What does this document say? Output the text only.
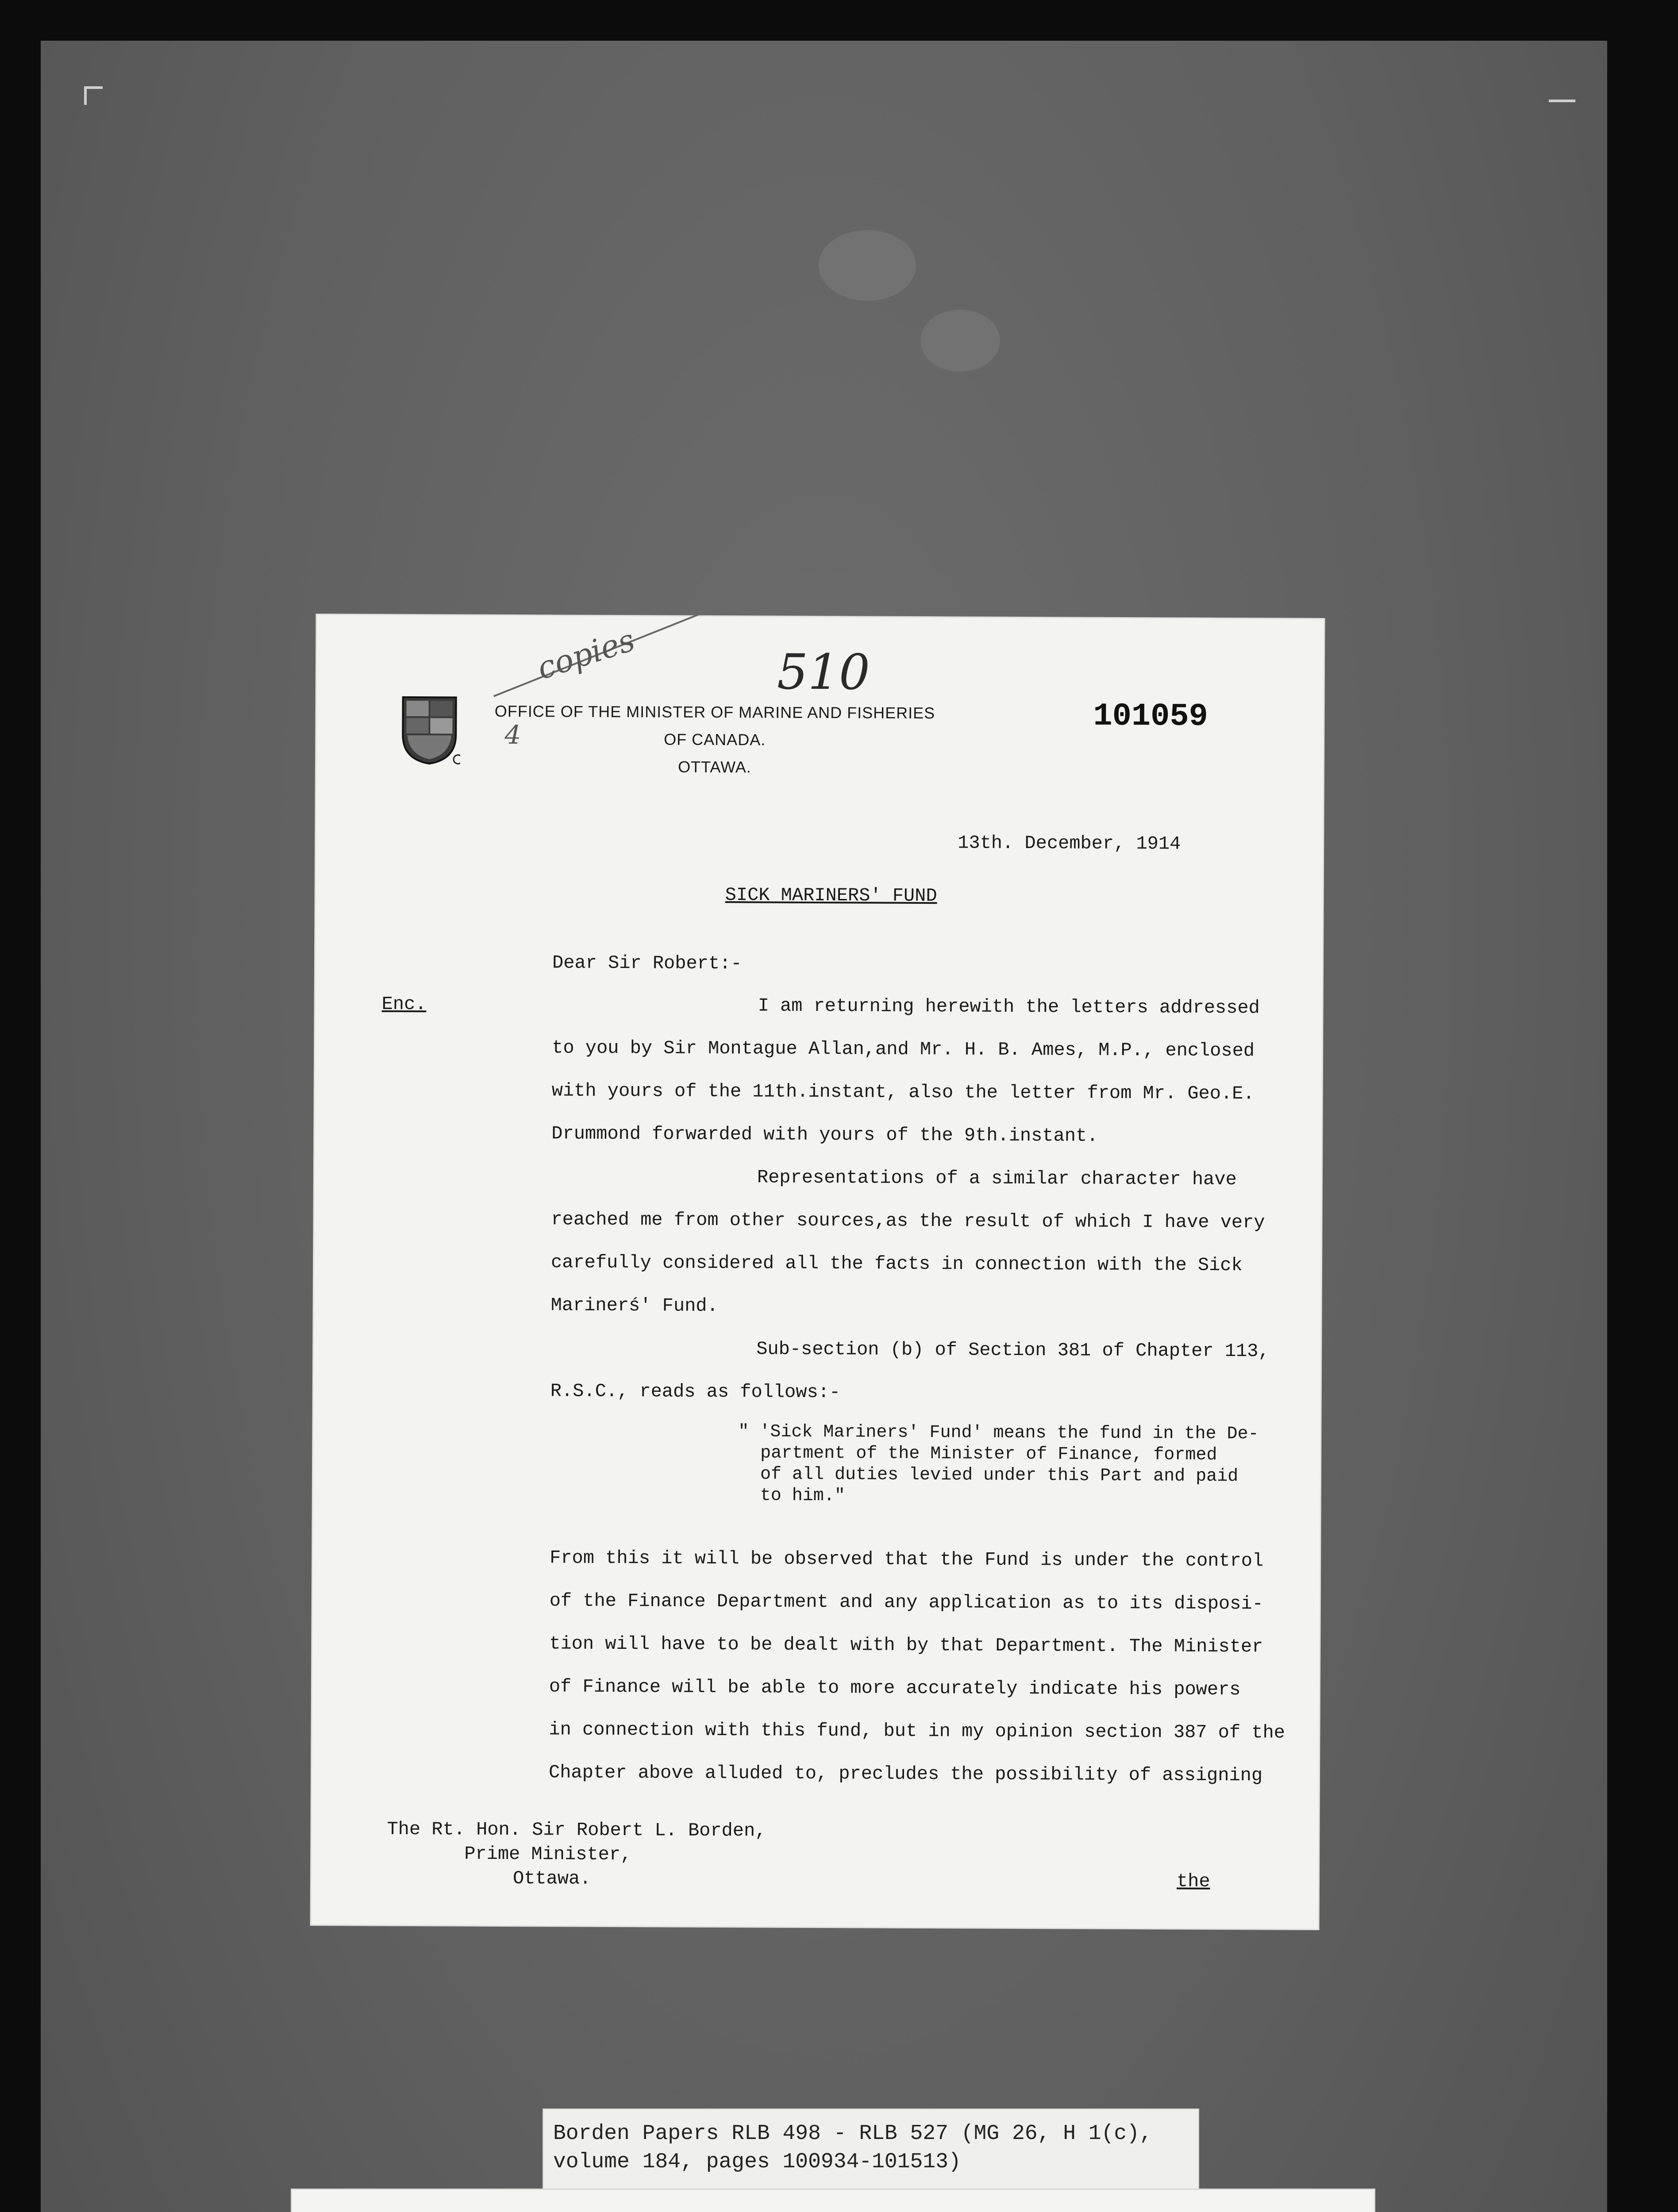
copies
4
510
101059
OFFICE OF THE MINISTER OF MARINE AND FISHERIES
OF CANADA.
OTTAWA.
13th. December, 1914
SICK MARINERS' FUND
Dear Sir Robert:-
Enc.	I am returning herewith the letters addressed
to you by Sir Montague Allan,and Mr. H. B. Ames, M.P., enclosed
with yours of the 11th.instant, also the letter from Mr. Geo.E.
Drummond forwarded with yours of the 9th.instant.
Representations of a similar character have
reached me from other sources,as the result of which I have very
carefully considered all the facts in connection with the Sick
Marinerś' Fund.
Sub-section (b) of Section 381 of Chapter 113,
R.S.C., reads as follows:-
" 'Sick Mariners' Fund' means the fund in the De-
partment of the Minister of Finance, formed
of all duties levied under this Part and paid
to him."
From this it will be observed that the Fund is under the control
of the Finance Department and any application as to its disposi-
tion will have to be dealt with by that Department. The Minister
of Finance will be able to more accurately indicate his powers
in connection with this fund, but in my opinion section 387 of the
Chapter above alluded to, precludes the possibility of assigning
The Rt. Hon. Sir Robert L. Borden,
Prime Minister,
Ottawa.	the
Borden Papers RLB 498 - RLB 527 (MG 26, H 1(c),
volume 184, pages 100934-101513)
